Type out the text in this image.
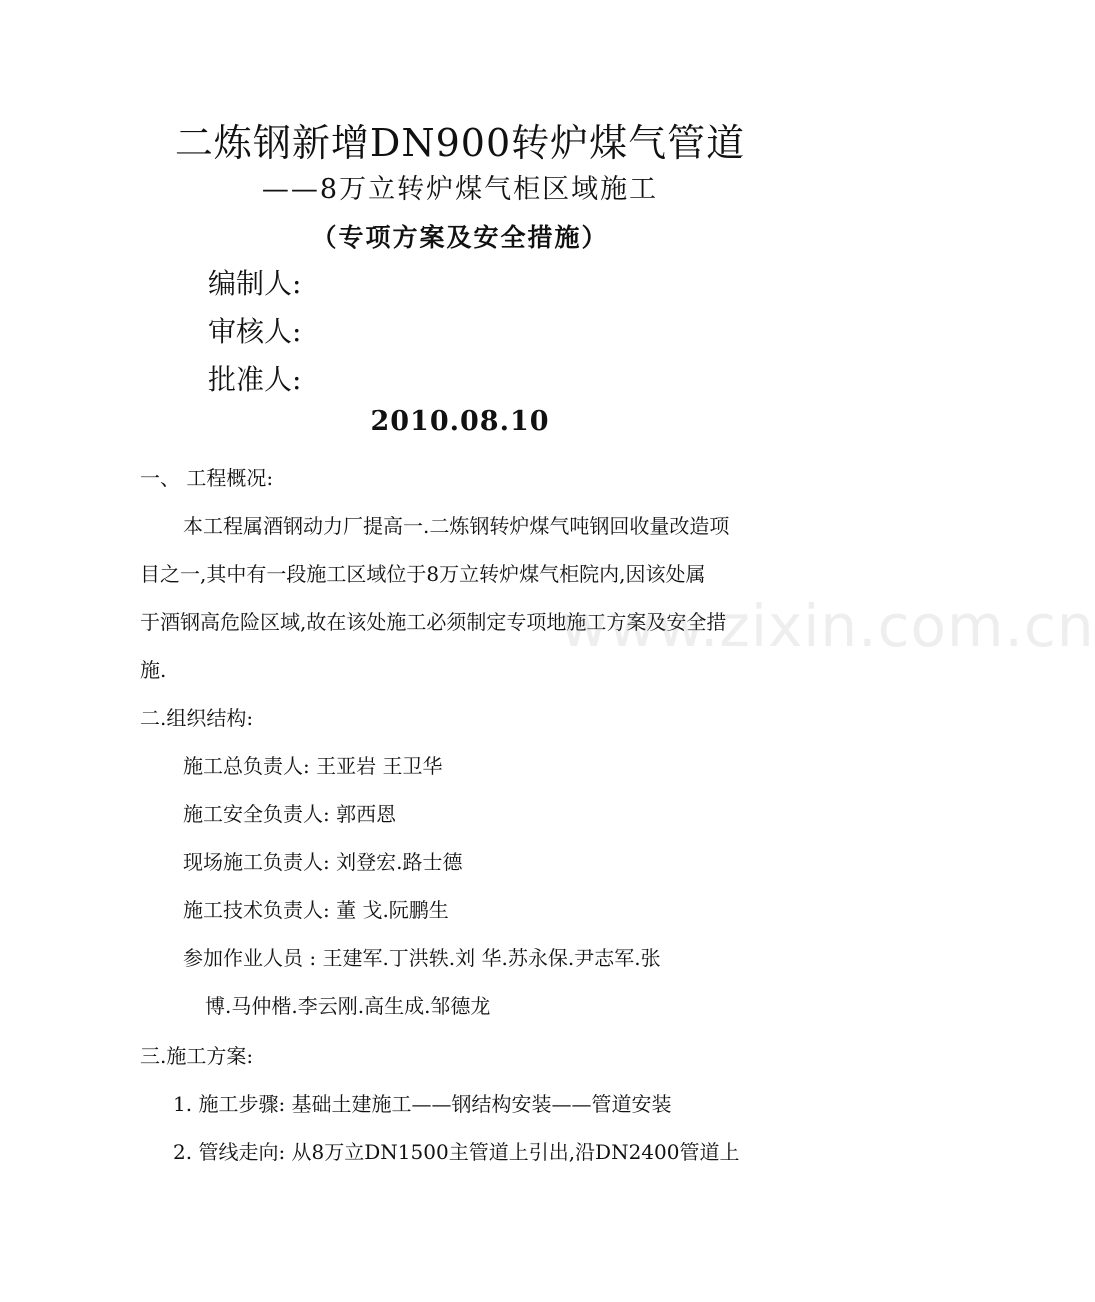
二炼钢新增DN900转炉煤气管道
——8万立转炉煤气柜区域施工
（专项方案及安全措施）
编制人:
审核人:
批准人:
2010.08.10
一、 工程概况:
本工程属酒钢动力厂提高一.二炼钢转炉煤气吨钢回收量改造项
目之一,其中有一段施工区域位于8万立转炉煤气柜院内,因该处属
于酒钢高危险区域,故在该处施工必须制定专项地施工方案及安全措
施.
二.组织结构:
施工总负责人: 王亚岩 王卫华
施工安全负责人: 郭西恩
现场施工负责人: 刘登宏.路士德
施工技术负责人: 董 戈.阮鹏生
参加作业人员 : 王建军.丁洪轶.刘 华.苏永保.尹志军.张
博.马仲楷.李云刚.高生成.邹德龙
三.施工方案:
1. 施工步骤: 基础土建施工——钢结构安装——管道安装
2. 管线走向: 从8万立DN1500主管道上引出,沿DN2400管道上
www.zixin.com.cn
